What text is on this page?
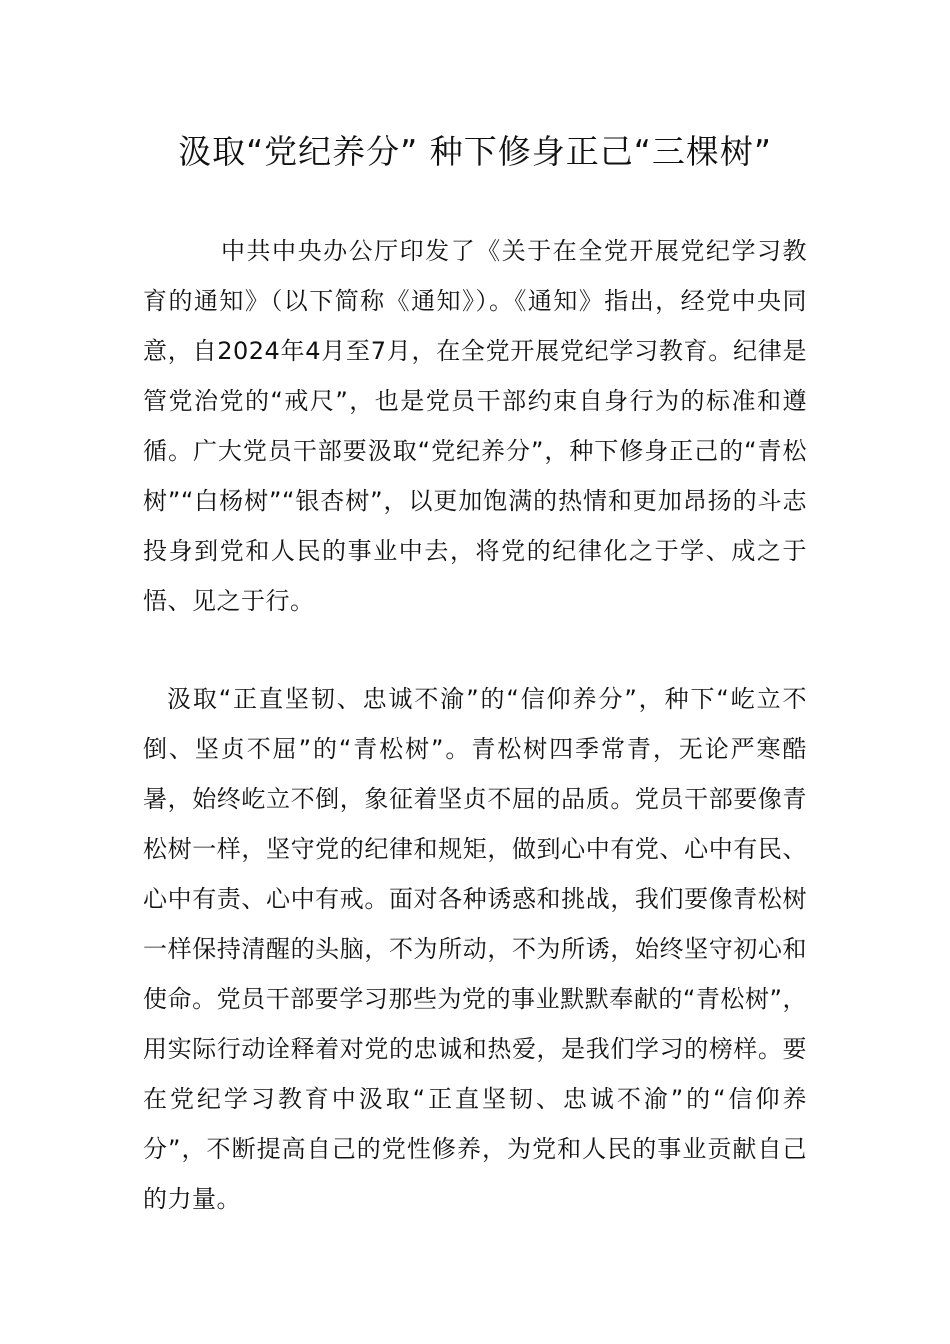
汲取“党纪养分” 种下修身正己“三棵树”

中共中央办公厅印发了《关于在全党开展党纪学习教育的通知》（以下简称《通知》）。《通知》指出，经党中央同意，自2024年4月至7月，在全党开展党纪学习教育。纪律是管党治党的“戒尺”，也是党员干部约束自身行为的标准和遵循。广大党员干部要汲取“党纪养分”，种下修身正己的“青松树”“白杨树”“银杏树”，以更加饱满的热情和更加昂扬的斗志投身到党和人民的事业中去，将党的纪律化之于学、成之于悟、见之于行。

汲取“正直坚韧、忠诚不渝”的“信仰养分”，种下“屹立不倒、坚贞不屈”的“青松树”。青松树四季常青，无论严寒酷暑，始终屹立不倒，象征着坚贞不屈的品质。党员干部要像青松树一样，坚守党的纪律和规矩，做到心中有党、心中有民、心中有责、心中有戒。面对各种诱惑和挑战，我们要像青松树一样保持清醒的头脑，不为所动，不为所诱，始终坚守初心和使命。党员干部要学习那些为党的事业默默奉献的“青松树”，用实际行动诠释着对党的忠诚和热爱，是我们学习的榜样。要在党纪学习教育中汲取“正直坚韧、忠诚不渝”的“信仰养分”，不断提高自己的党性修养，为党和人民的事业贡献自己的力量。
